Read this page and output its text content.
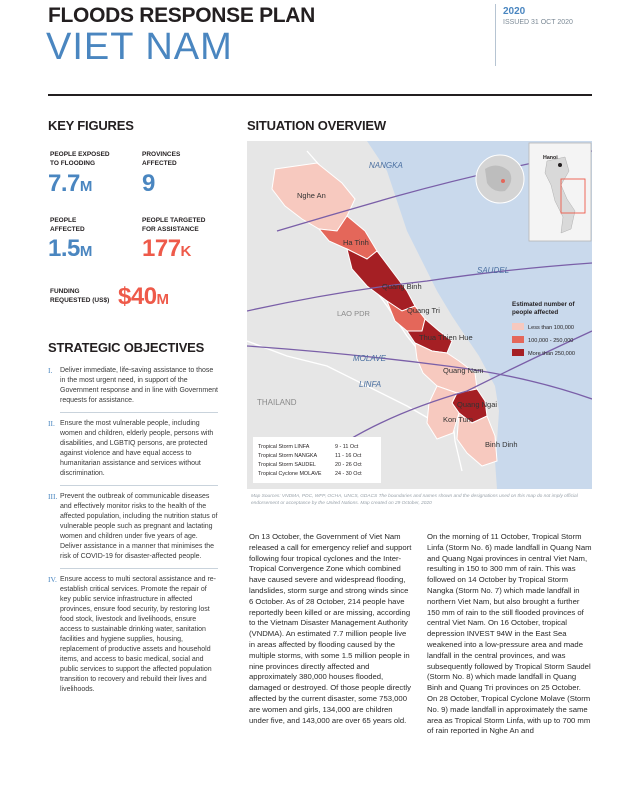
FLOODS RESPONSE PLAN
VIET NAM
2020
ISSUED 31 OCT 2020
KEY FIGURES
PEOPLE EXPOSED
TO FLOODING
7.7M
PROVINCES
AFFECTED
9
PEOPLE
AFFECTED
1.5M
PEOPLE TARGETED
FOR ASSISTANCE
177K
FUNDING
REQUESTED (US$) $40M
STRATEGIC OBJECTIVES
I. Deliver immediate, life-saving assistance to those in the most urgent need, in support of the Government response and in line with Government requests for assistance.
II. Ensure the most vulnerable people, including women and children, elderly people, persons with disabilities, and LGBTIQ persons, are protected against violence and have equal access to humanitarian assistance and services without discrimination.
III. Prevent the outbreak of communicable diseases and effectively monitor risks to the health of the affected population, including the nutrition status of vulnerable people such as pregnant and lactating women and children under five years of age. Deliver assistance in a manner that minimises the risk of COVID-19 for disaster-affected people.
IV. Ensure access to multi sectoral assistance and re-establish critical services. Promote the repair of key public service infrastructure in affected provinces, ensure food security, by restoring lost food stock, livestock and livelihoods, ensure access to sustainable drinking water, sanitation facilities and hygiene supplies, housing, replacement of productive assets and household items, and access to basic medical, social and public services to support the affected population transition to recovery and rebuild their lives and livelihoods.
SITUATION OVERVIEW
NANGKA
SAUDEL
MOLAVE
LINFA
LAO PDR
THAILAND
Nghe An
Ha Tinh
Quang Binh
Quang Tri
Thua Thien Hue
Quang Nam
Quang Ngai
Kon Tum
Binh Dinh
Estimated number of people affected
Less than 100,000
100,000 - 250,000
More than 250,000
Hanoi
Tropical Storm LINFA	9 - 11 Oct
Tropical Storm NANGKA	11 - 16 Oct
Tropical Storm SAUDEL	20 - 26 Oct
Tropical Cyclone MOLAVE 24 - 30 Oct
Map Sources: VNDMA, PDC, WFP, OCHA, UNCS, GDACS The boundaries and names shown and the designations used on this map do not imply official endorsement or acceptance by the United Nations. Map created on 29 October, 2020

On 13 October, the Government of Viet Nam released a call for emergency relief and support following four tropical cyclones and the Inter-Tropical Convergence Zone which combined have caused severe and widespread flooding, landslides, storm surge and strong winds since 6 October. As of 28 October, 214 people have reportedly been killed or are missing, according to the Vietnam Disaster Management Authority (VNDMA). An estimated 7.7 million people live in areas affected by flooding caused by the multiple storms, with some 1.5 million people in nine provinces directly affected and approximately 380,000 houses flooded, damaged or destroyed. Of those people directly affected by the current disaster, some 753,000 are women and girls, 134,000 are children under five, and 143,000 are over 65 years old.

On the morning of 11 October, Tropical Storm Linfa (Storm No. 6) made landfall in Quang Nam and Quang Ngai provinces in central Viet Nam, resulting in 150 to 300 mm of rain. This was followed on 14 October by Tropical Storm Nangka (Storm No. 7) which made landfall in northern Viet Nam, but also brought a further 150 mm of rain to the still flooded provinces of central Viet Nam. On 16 October, tropical depression INVEST 94W in the East Sea weakened into a low-pressure area and made landfall in the central provinces, and was subsequently followed by Tropical Storm Saudel (Storm No. 8) which made landfall in Quang Binh and Quang Tri provinces on 25 October. On 28 October, Tropical Cyclone Molave (Storm No. 9) made landfall in approximately the same area as Tropical Storm Linfa, with up to 700 mm of rain reported in Nghe An and
